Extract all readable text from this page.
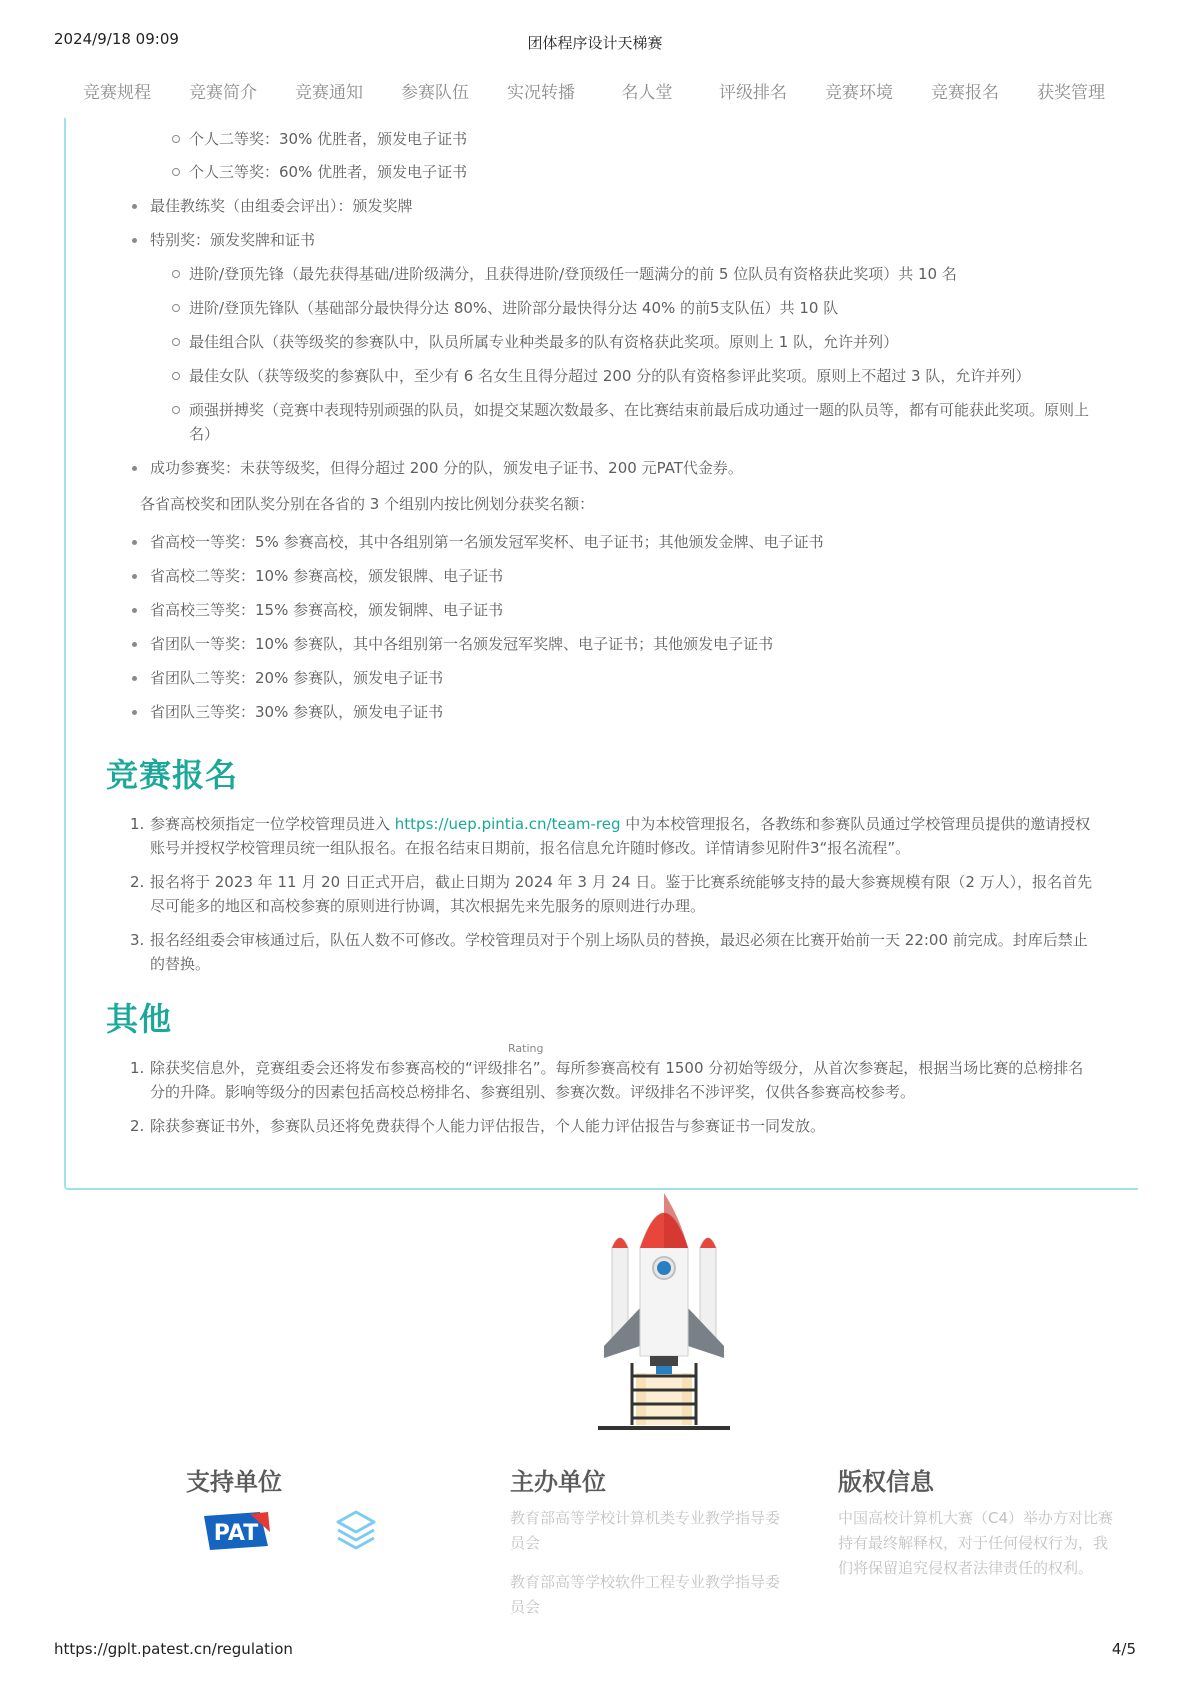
2024/9/18 09:09	团体程序设计天梯赛
竞赛规程	竞赛简介	竞赛通知	参赛队伍	实况转播	名人堂	评级排名	竞赛环境	竞赛报名	获奖管理
个人二等奖：30% 优胜者，颁发电子证书
个人三等奖：60% 优胜者，颁发电子证书
最佳教练奖（由组委会评出）：颁发奖牌
特别奖：颁发奖牌和证书
进阶/登顶先锋（最先获得基础/进阶级满分，且获得进阶/登顶级任一题满分的前 5 位队员有资格获此奖项）共 10 名
进阶/登顶先锋队（基础部分最快得分达 80%、进阶部分最快得分达 40% 的前5支队伍）共 10 队
最佳组合队（获等级奖的参赛队中，队员所属专业种类最多的队有资格获此奖项。原则上 1 队，允许并列）
最佳女队（获等级奖的参赛队中，至少有 6 名女生且得分超过 200 分的队有资格参评此奖项。原则上不超过 3 队，允许并列）
顽强拼搏奖（竞赛中表现特别顽强的队员，如提交某题次数最多、在比赛结束前最后成功通过一题的队员等，都有可能获此奖项。原则上
名）
成功参赛奖：未获等级奖，但得分超过 200 分的队，颁发电子证书、200 元PAT代金券。
各省高校奖和团队奖分别在各省的 3 个组别内按比例划分获奖名额：
省高校一等奖：5% 参赛高校，其中各组别第一名颁发冠军奖杯、电子证书；其他颁发金牌、电子证书
省高校二等奖：10% 参赛高校，颁发银牌、电子证书
省高校三等奖：15% 参赛高校，颁发铜牌、电子证书
省团队一等奖：10% 参赛队，其中各组别第一名颁发冠军奖牌、电子证书；其他颁发电子证书
省团队二等奖：20% 参赛队，颁发电子证书
省团队三等奖：30% 参赛队，颁发电子证书
竞赛报名
1. 参赛高校须指定一位学校管理员进入 https://uep.pintia.cn/team-reg 中为本校管理报名，各教练和参赛队员通过学校管理员提供的邀请授权
账号并授权学校管理员统一组队报名。在报名结束日期前，报名信息允许随时修改。详情请参见附件3“报名流程”。
2. 报名将于 2023 年 11 月 20 日正式开启，截止日期为 2024 年 3 月 24 日。鉴于比赛系统能够支持的最大参赛规模有限（2 万人），报名首先
尽可能多的地区和高校参赛的原则进行协调，其次根据先来先服务的原则进行办理。
3. 报名经组委会审核通过后，队伍人数不可修改。学校管理员对于个别上场队员的替换，最迟必须在比赛开始前一天 22:00 前完成。封库后禁止
的替换。
其他
Rating
1. 除获奖信息外，竞赛组委会还将发布参赛高校的“评级排名”。每所参赛高校有 1500 分初始等级分，从首次参赛起，根据当场比赛的总榜排名
分的升降。影响等级分的因素包括高校总榜排名、参赛组别、参赛次数。评级排名不涉评奖，仅供各参赛高校参考。
2. 除获参赛证书外，参赛队员还将免费获得个人能力评估报告，个人能力评估报告与参赛证书一同发放。
支持单位
PAT
主办单位
教育部高等学校计算机类专业教学指导委
员会
教育部高等学校软件工程专业教学指导委
员会
版权信息
中国高校计算机大赛（C4）举办方对比赛
持有最终解释权，对于任何侵权行为，我
们将保留追究侵权者法律责任的权利。
https://gplt.patest.cn/regulation	4/5
